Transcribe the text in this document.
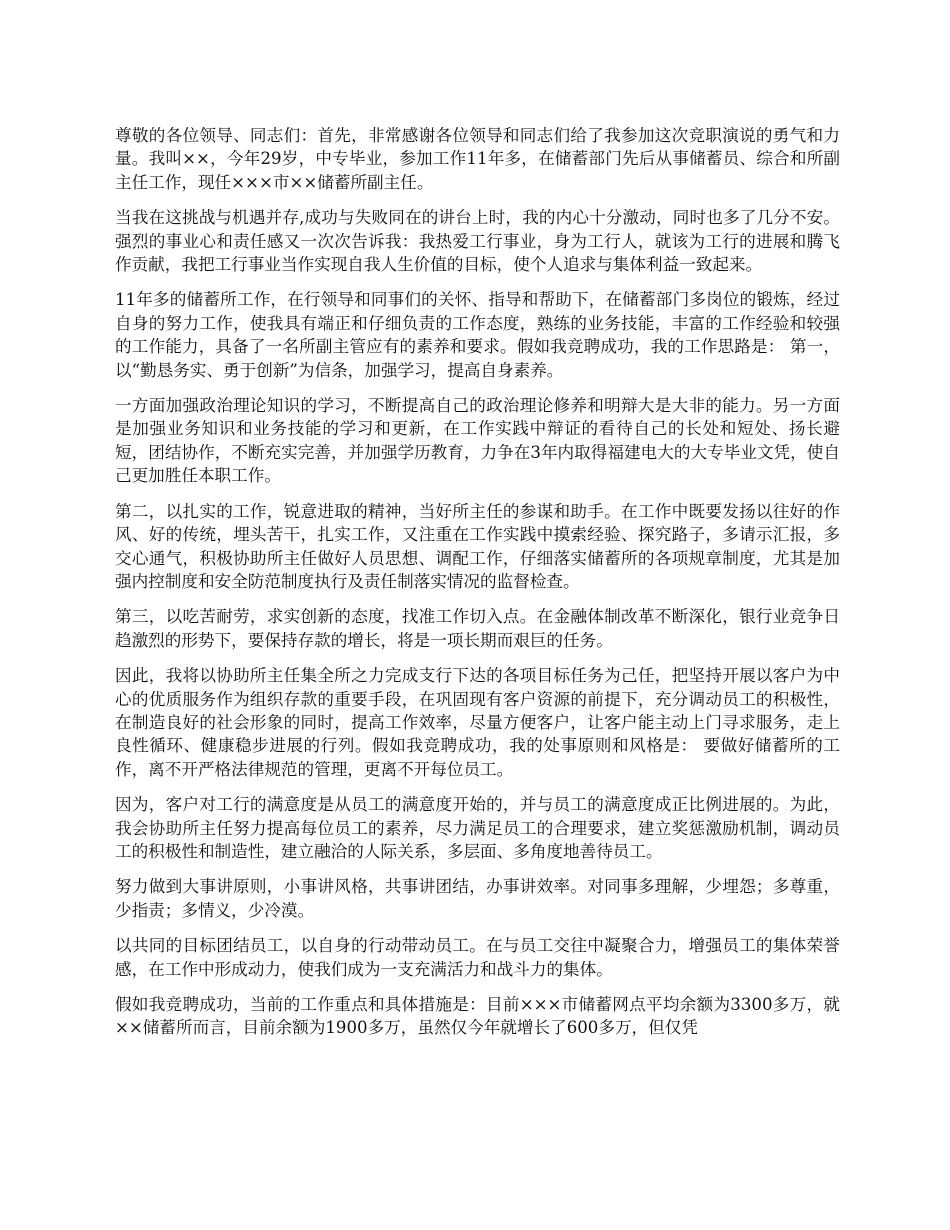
尊敬的各位领导、同志们：首先，非常感谢各位领导和同志们给了我参加这次竞职演说的勇气和力量。我叫××，今年29岁，中专毕业，参加工作11年多，在储蓄部门先后从事储蓄员、综合和所副主任工作，现任×××市××储蓄所副主任。

当我在这挑战与机遇并存,成功与失败同在的讲台上时，我的内心十分激动，同时也多了几分不安。强烈的事业心和责任感又一次次告诉我：我热爱工行事业，身为工行人，就该为工行的进展和腾飞作贡献，我把工行事业当作实现自我人生价值的目标，使个人追求与集体利益一致起来。

11年多的储蓄所工作，在行领导和同事们的关怀、指导和帮助下，在储蓄部门多岗位的锻炼，经过自身的努力工作，使我具有端正和仔细负责的工作态度，熟练的业务技能，丰富的工作经验和较强的工作能力，具备了一名所副主管应有的素养和要求。假如我竞聘成功，我的工作思路是： 第一，以“勤恳务实、勇于创新”为信条，加强学习，提高自身素养。

一方面加强政治理论知识的学习，不断提高自己的政治理论修养和明辩大是大非的能力。另一方面是加强业务知识和业务技能的学习和更新，在工作实践中辩证的看待自己的长处和短处、扬长避短，团结协作，不断充实完善，并加强学历教育，力争在3年内取得福建电大的大专毕业文凭，使自己更加胜任本职工作。

第二，以扎实的工作，锐意进取的精神，当好所主任的参谋和助手。在工作中既要发扬以往好的作风、好的传统，埋头苦干，扎实工作，又注重在工作实践中摸索经验、探究路子，多请示汇报，多交心通气，积极协助所主任做好人员思想、调配工作，仔细落实储蓄所的各项规章制度，尤其是加强内控制度和安全防范制度执行及责任制落实情况的监督检查。

第三，以吃苦耐劳，求实创新的态度，找准工作切入点。在金融体制改革不断深化，银行业竞争日趋激烈的形势下，要保持存款的增长，将是一项长期而艰巨的任务。

因此，我将以协助所主任集全所之力完成支行下达的各项目标任务为己任，把坚持开展以客户为中心的优质服务作为组织存款的重要手段，在巩固现有客户资源的前提下，充分调动员工的积极性，在制造良好的社会形象的同时，提高工作效率，尽量方便客户，让客户能主动上门寻求服务，走上良性循环、健康稳步进展的行列。假如我竞聘成功，我的处事原则和风格是： 要做好储蓄所的工作，离不开严格法律规范的管理，更离不开每位员工。

因为，客户对工行的满意度是从员工的满意度开始的，并与员工的满意度成正比例进展的。为此，我会协助所主任努力提高每位员工的素养，尽力满足员工的合理要求，建立奖惩激励机制，调动员工的积极性和制造性，建立融洽的人际关系，多层面、多角度地善待员工。

努力做到大事讲原则，小事讲风格，共事讲团结，办事讲效率。对同事多理解，少埋怨；多尊重，少指责；多情义，少冷漠。

以共同的目标团结员工，以自身的行动带动员工。在与员工交往中凝聚合力，增强员工的集体荣誉感，在工作中形成动力，使我们成为一支充满活力和战斗力的集体。

假如我竞聘成功，当前的工作重点和具体措施是：目前×××市储蓄网点平均余额为3300多万，就××储蓄所而言，目前余额为1900多万，虽然仅今年就增长了600多万，但仅凭
